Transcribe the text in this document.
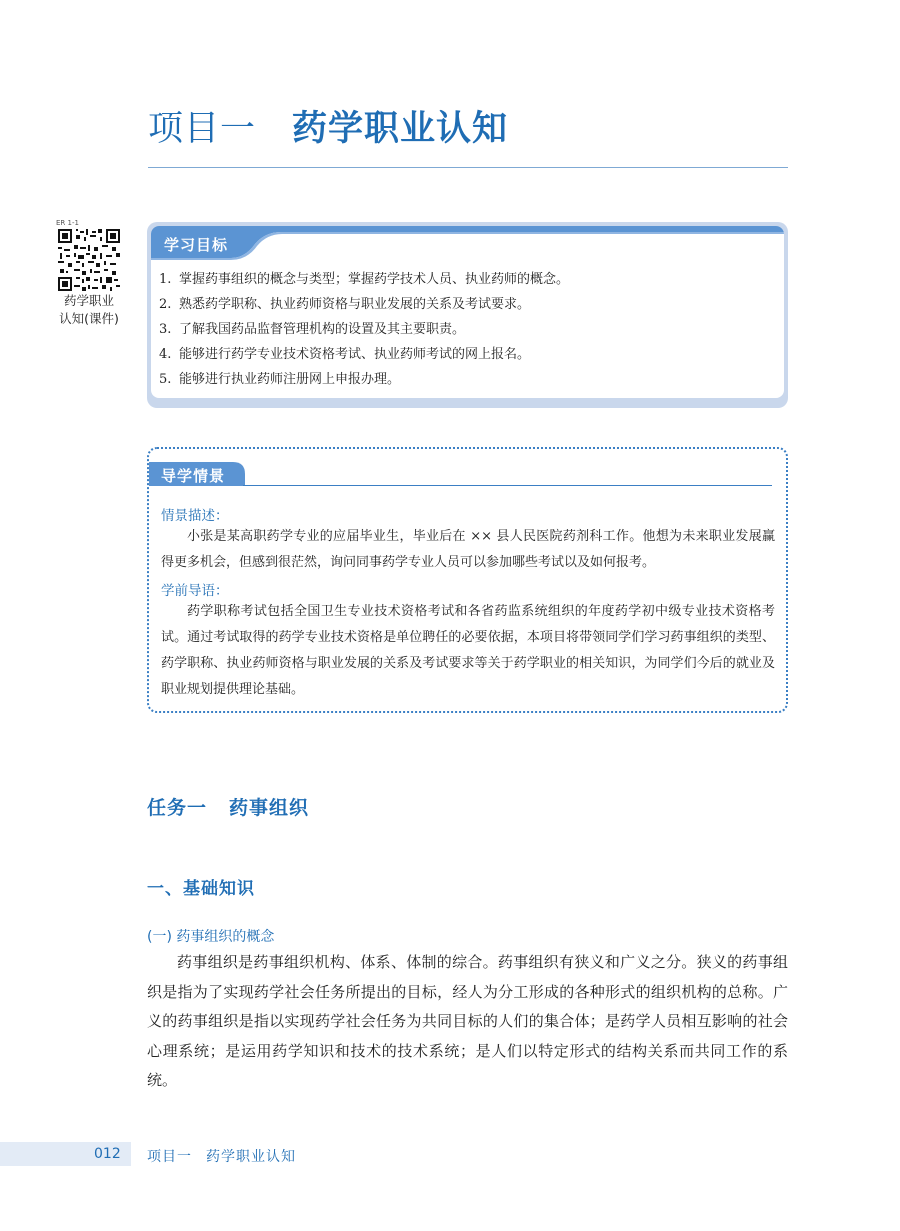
项目一 药学职业认知
ER 1-1
药学职业
认知(课件)
学习目标
1. 掌握药事组织的概念与类型；掌握药学技术人员、执业药师的概念。
2. 熟悉药学职称、执业药师资格与职业发展的关系及考试要求。
3. 了解我国药品监督管理机构的设置及其主要职责。
4. 能够进行药学专业技术资格考试、执业药师考试的网上报名。
5. 能够进行执业药师注册网上申报办理。
导学情景
情景描述：

小张是某高职药学专业的应届毕业生，毕业后在 ×× 县人民医院药剂科工作。他想为未来职业发展赢得更多机会，但感到很茫然，询问同事药学专业人员可以参加哪些考试以及如何报考。

学前导语：

药学职称考试包括全国卫生专业技术资格考试和各省药监系统组织的年度药学初中级专业技术资格考试。通过考试取得的药学专业技术资格是单位聘任的必要依据，本项目将带领同学们学习药事组织的类型、药学职称、执业药师资格与职业发展的关系及考试要求等关于药学职业的相关知识，为同学们今后的就业及职业规划提供理论基础。

任务一 药事组织
一、基础知识
(一) 药事组织的概念

药事组织是药事组织机构、体系、体制的综合。药事组织有狭义和广义之分。狭义的药事组织是指为了实现药学社会任务所提出的目标，经人为分工形成的各种形式的组织机构的总称。广义的药事组织是指以实现药学社会任务为共同目标的人们的集合体；是药学人员相互影响的社会心理系统；是运用药学知识和技术的技术系统；是人们以特定形式的结构关系而共同工作的系统。

012 项目一 药学职业认知
